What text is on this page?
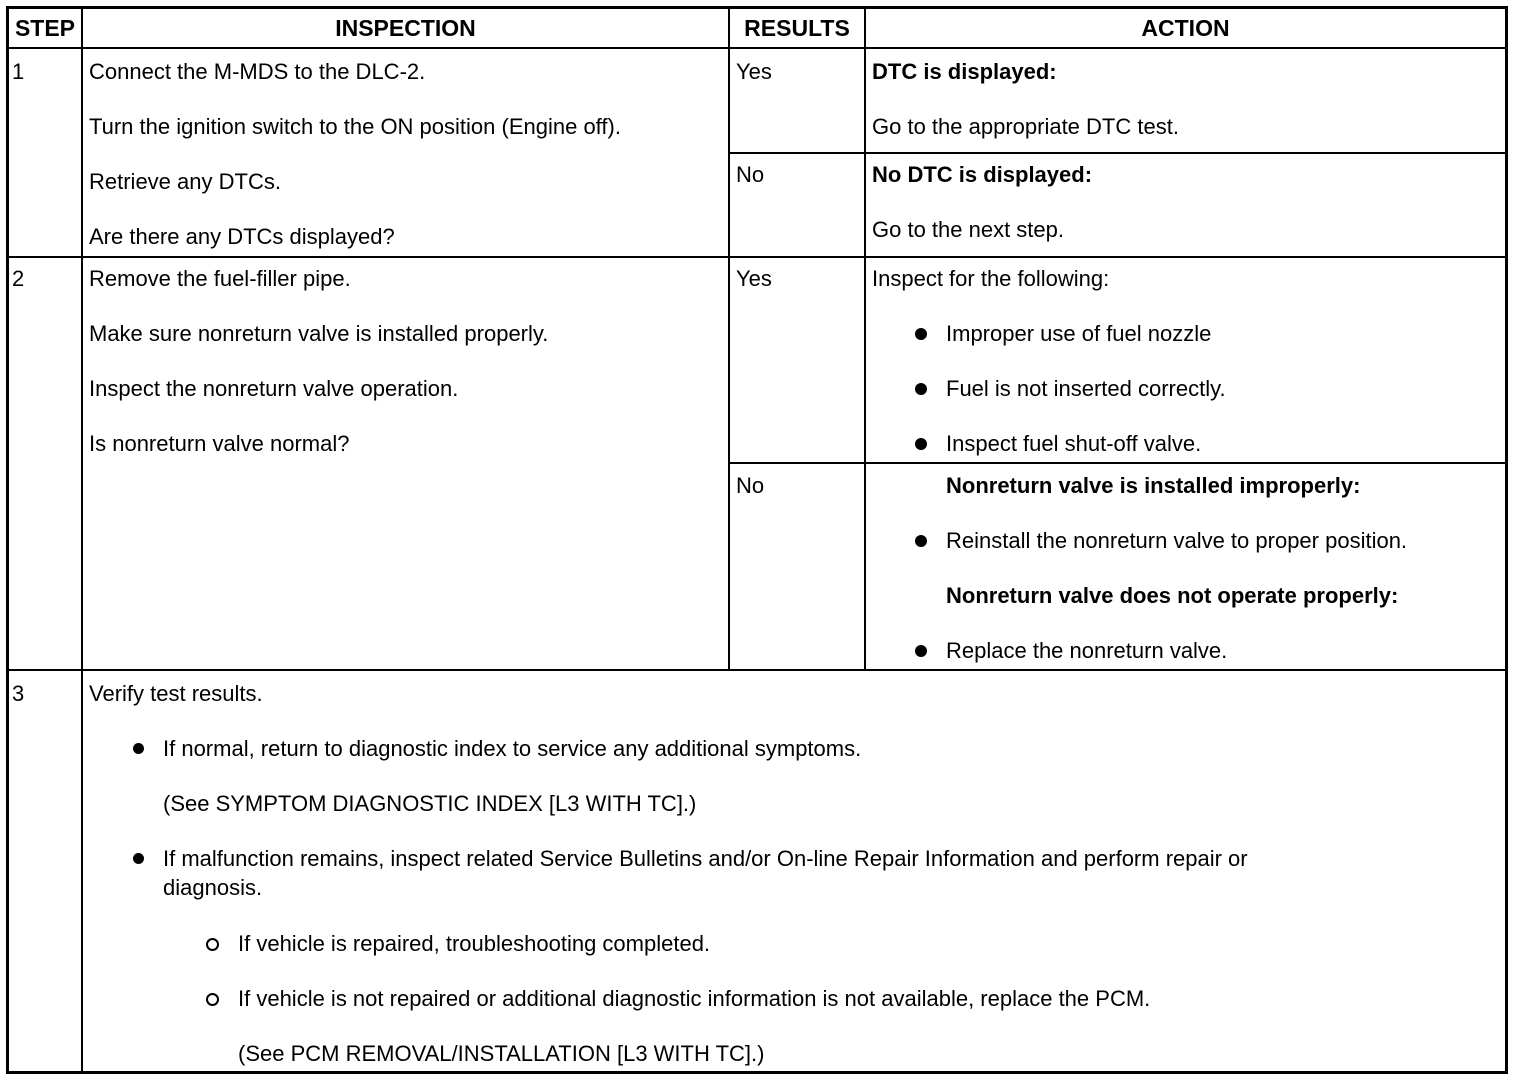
STEP	INSPECTION	RESULTS	ACTION
1	Connect the M-MDS to the DLC-2.
Turn the ignition switch to the ON position (Engine off).
Retrieve any DTCs.
Are there any DTCs displayed?
Yes	DTC is displayed:
Go to the appropriate DTC test.
No	No DTC is displayed:
Go to the next step.
2	Remove the fuel-filler pipe.
Make sure nonreturn valve is installed properly.
Inspect the nonreturn valve operation.
Is nonreturn valve normal?
Yes	Inspect for the following:
Improper use of fuel nozzle
Fuel is not inserted correctly.
Inspect fuel shut-off valve.
No	Nonreturn valve is installed improperly:
Reinstall the nonreturn valve to proper position.
Nonreturn valve does not operate properly:
Replace the nonreturn valve.
3	Verify test results.
If normal, return to diagnostic index to service any additional symptoms.
(See SYMPTOM DIAGNOSTIC INDEX [L3 WITH TC].)
If malfunction remains, inspect related Service Bulletins and/or On-line Repair Information and perform repair or
diagnosis.
If vehicle is repaired, troubleshooting completed.
If vehicle is not repaired or additional diagnostic information is not available, replace the PCM.
(See PCM REMOVAL/INSTALLATION [L3 WITH TC].)
